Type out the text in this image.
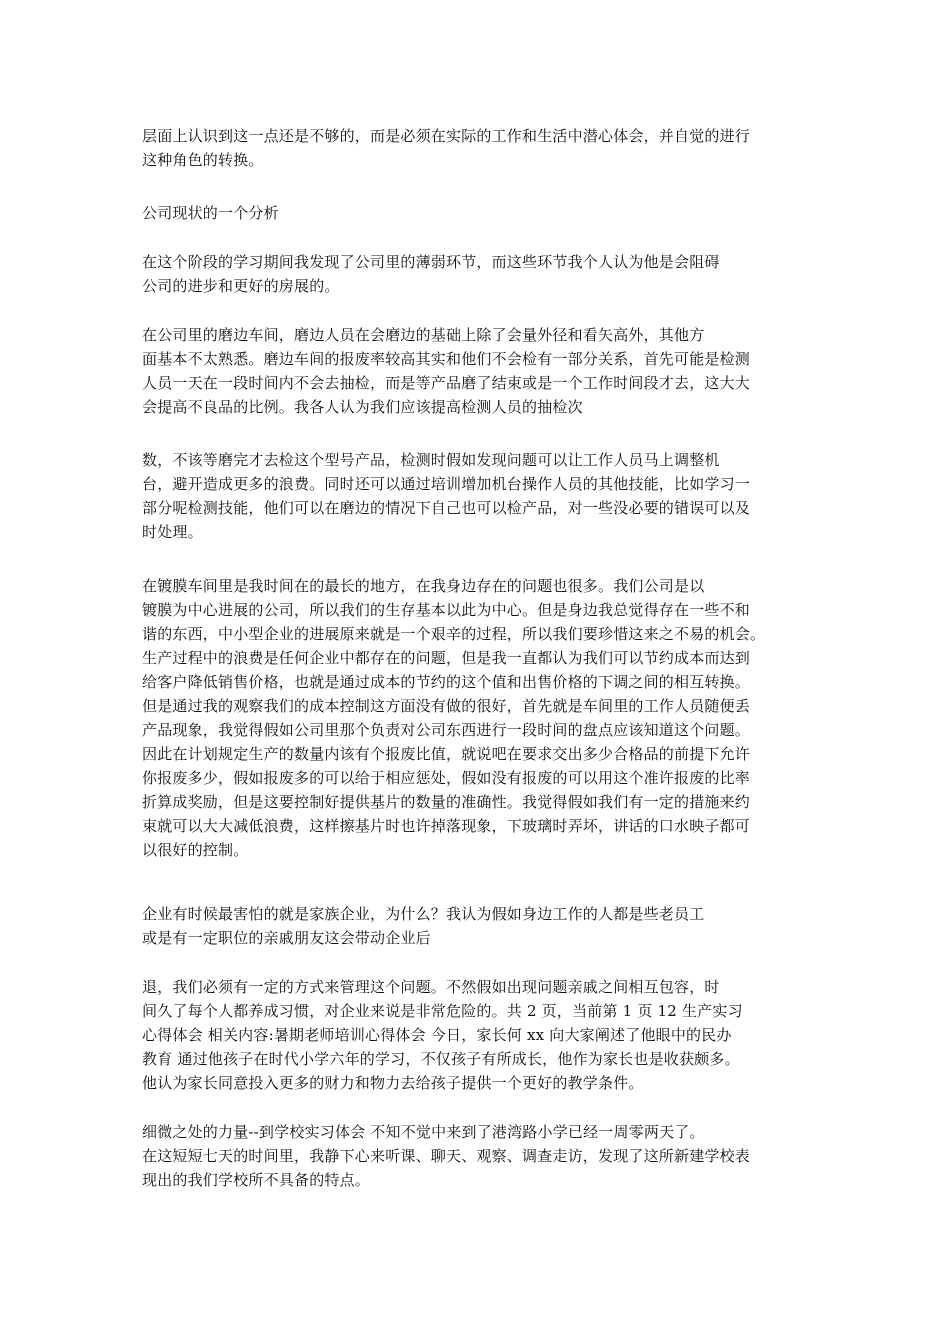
层面上认识到这一点还是不够的，而是必须在实际的工作和生活中潜心体会，并自觉的进行
这种角色的转换。

公司现状的一个分析

在这个阶段的学习期间我发现了公司里的薄弱环节，而这些环节我个人认为他是会阻碍
公司的进步和更好的房展的。

在公司里的磨边车间，磨边人员在会磨边的基础上除了会量外径和看矢高外，其他方
面基本不太熟悉。磨边车间的报废率较高其实和他们不会检有一部分关系，首先可能是检测
人员一天在一段时间内不会去抽检，而是等产品磨了结束或是一个工作时间段才去，这大大
会提高不良品的比例。我各人认为我们应该提高检测人员的抽检次

数，不该等磨完才去检这个型号产品，检测时假如发现问题可以让工作人员马上调整机
台，避开造成更多的浪费。同时还可以通过培训增加机台操作人员的其他技能，比如学习一
部分呢检测技能，他们可以在磨边的情况下自己也可以检产品，对一些没必要的错误可以及
时处理。

在镀膜车间里是我时间在的最长的地方，在我身边存在的问题也很多。我们公司是以
镀膜为中心进展的公司，所以我们的生存基本以此为中心。但是身边我总觉得存在一些不和
谐的东西，中小型企业的进展原来就是一个艰辛的过程，所以我们要珍惜这来之不易的机会。
生产过程中的浪费是任何企业中都存在的问题，但是我一直都认为我们可以节约成本而达到
给客户降低销售价格，也就是通过成本的节约的这个值和出售价格的下调之间的相互转换。
但是通过我的观察我们的成本控制这方面没有做的很好，首先就是车间里的工作人员随便丢
产品现象，我觉得假如公司里那个负责对公司东西进行一段时间的盘点应该知道这个问题。
因此在计划规定生产的数量内该有个报废比值，就说吧在要求交出多少合格品的前提下允许
你报废多少，假如报废多的可以给于相应惩处，假如没有报废的可以用这个准许报废的比率
折算成奖励，但是这要控制好提供基片的数量的准确性。我觉得假如我们有一定的措施来约
束就可以大大减低浪费，这样擦基片时也许掉落现象，下玻璃时弄坏，讲话的口水映子都可
以很好的控制。

企业有时候最害怕的就是家族企业，为什么？我认为假如身边工作的人都是些老员工
或是有一定职位的亲戚朋友这会带动企业后

退，我们必须有一定的方式来管理这个问题。不然假如出现问题亲戚之间相互包容，时
间久了每个人都养成习惯，对企业来说是非常危险的。共 2 页，当前第 1 页 12 生产实习
心得体会 相关内容:暑期老师培训心得体会 今日，家长何 xx 向大家阐述了他眼中的民办
教育 通过他孩子在时代小学六年的学习，不仅孩子有所成长，他作为家长也是收获颇多。
他认为家长同意投入更多的财力和物力去给孩子提供一个更好的教学条件。

细微之处的力量--到学校实习体会 不知不觉中来到了港湾路小学已经一周零两天了。
在这短短七天的时间里，我静下心来听课、聊天、观察、调查走访，发现了这所新建学校表
现出的我们学校所不具备的特点。
